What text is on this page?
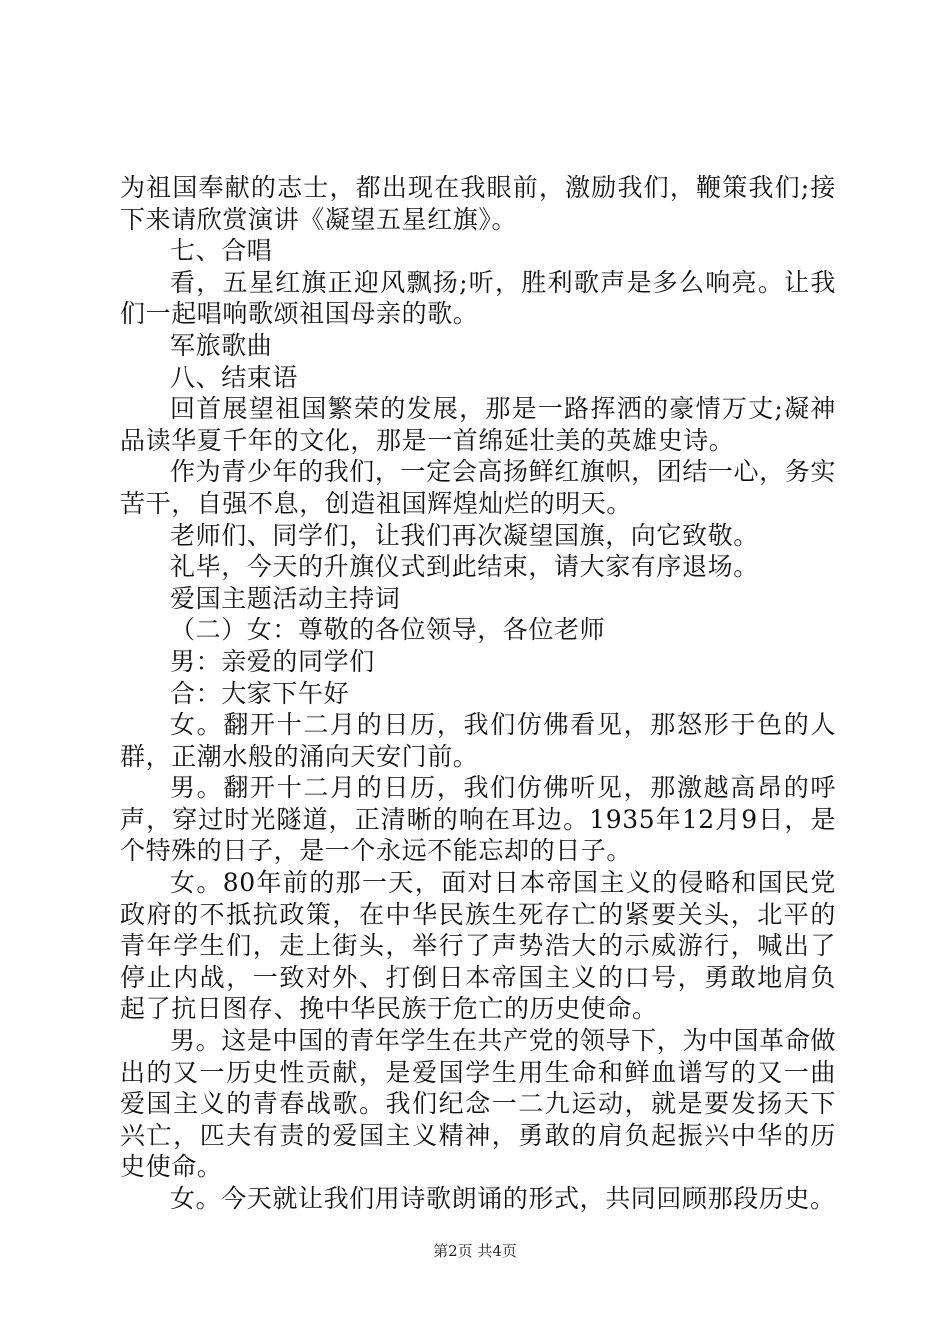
为祖国奉献的志士，都出现在我眼前，激励我们，鞭策我们;接下来请欣赏演讲《凝望五星红旗》。

七、合唱

看，五星红旗正迎风飘扬;听，胜利歌声是多么响亮。让我们一起唱响歌颂祖国母亲的歌。

军旅歌曲

八、结束语

回首展望祖国繁荣的发展，那是一路挥洒的豪情万丈;凝神品读华夏千年的文化，那是一首绵延壮美的英雄史诗。

作为青少年的我们，一定会高扬鲜红旗帜，团结一心，务实苦干，自强不息，创造祖国辉煌灿烂的明天。

老师们、同学们，让我们再次凝望国旗，向它致敬。

礼毕，今天的升旗仪式到此结束，请大家有序退场。

爱国主题活动主持词

（二）女：尊敬的各位领导，各位老师

男：亲爱的同学们

合：大家下午好

女。翻开十二月的日历，我们仿佛看见，那怒形于色的人群，正潮水般的涌向天安门前。

男。翻开十二月的日历，我们仿佛听见，那激越高昂的呼声，穿过时光隧道，正清晰的响在耳边。1935年12月9日，是个特殊的日子，是一个永远不能忘却的日子。

女。80年前的那一天，面对日本帝国主义的侵略和国民党政府的不抵抗政策，在中华民族生死存亡的紧要关头，北平的青年学生们，走上街头，举行了声势浩大的示威游行，喊出了停止内战，一致对外、打倒日本帝国主义的口号，勇敢地肩负起了抗日图存、挽中华民族于危亡的历史使命。

男。这是中国的青年学生在共产党的领导下，为中国革命做出的又一历史性贡献，是爱国学生用生命和鲜血谱写的又一曲爱国主义的青春战歌。我们纪念一二九运动，就是要发扬天下兴亡，匹夫有责的爱国主义精神，勇敢的肩负起振兴中华的历史使命。

女。今天就让我们用诗歌朗诵的形式，共同回顾那段历史。

第2页 共4页
